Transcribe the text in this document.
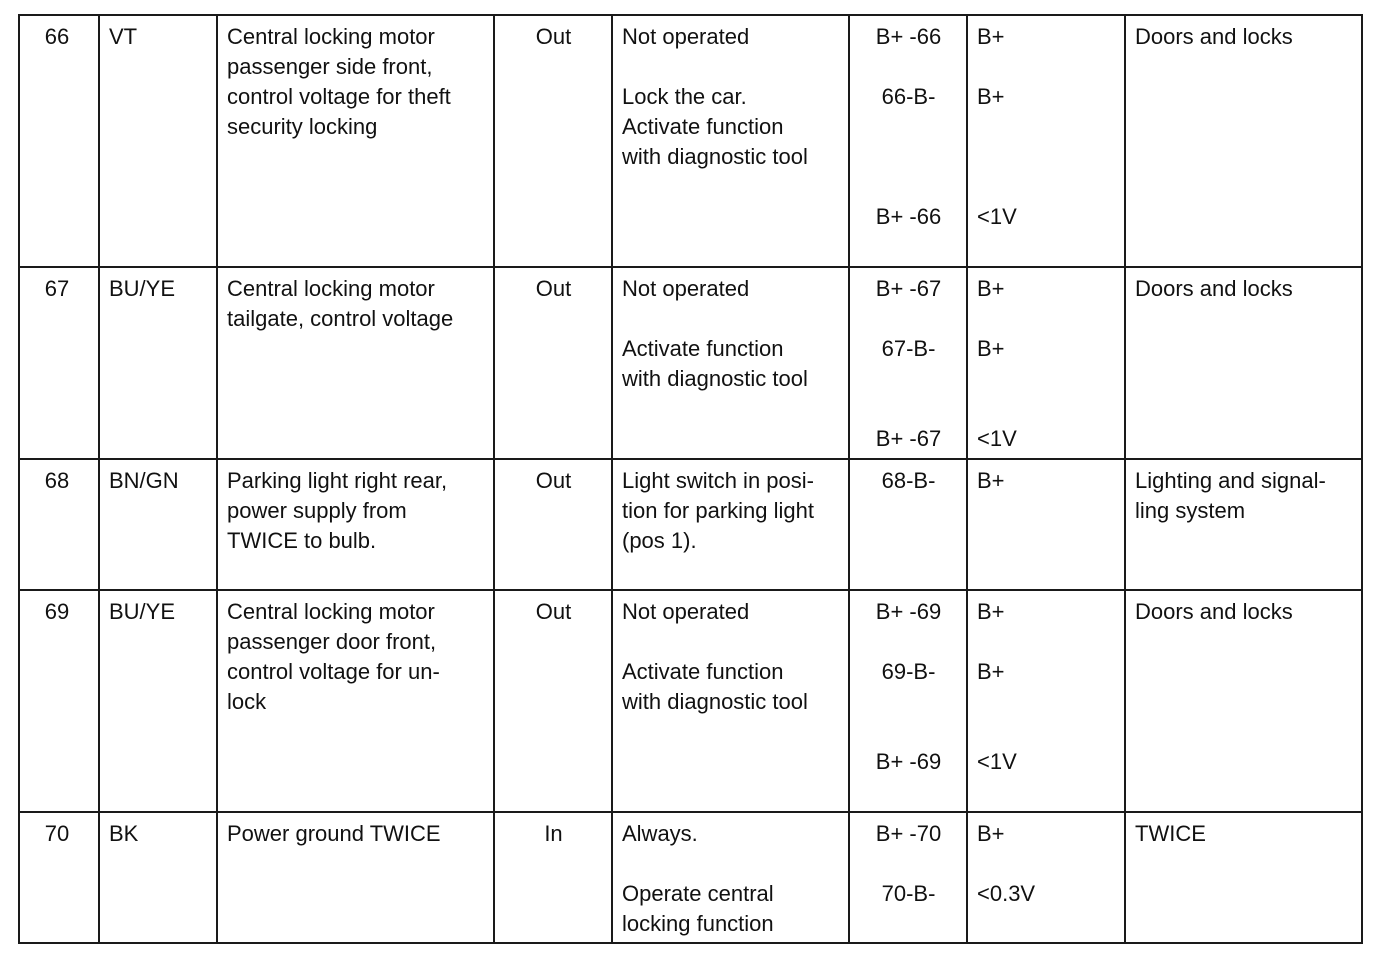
66	VT	Central locking motor
passenger side front,
control voltage for theft
security locking	Out	Not operated
Lock the car.
Activate function
with diagnostic tool	B+ -66
66-B-
B+ -66	B+
B+
<1V	Doors and locks

67	BU/YE	Central locking motor
tailgate, control voltage	Out	Not operated
Activate function
with diagnostic tool	B+ -67
67-B-
B+ -67	B+
B+
<1V	Doors and locks

68	BN/GN	Parking light right rear,
power supply from
TWICE to bulb.	Out	Light switch in posi-
tion for parking light
(pos 1).	68-B-	B+	Lighting and signal-
ling system

69	BU/YE	Central locking motor
passenger door front,
control voltage for un-
lock	Out	Not operated
Activate function
with diagnostic tool	B+ -69
69-B-
B+ -69	B+
B+
<1V	Doors and locks

70	BK	Power ground TWICE	In	Always.
Operate central
locking function	B+ -70
70-B-	B+
<0.3V	TWICE
